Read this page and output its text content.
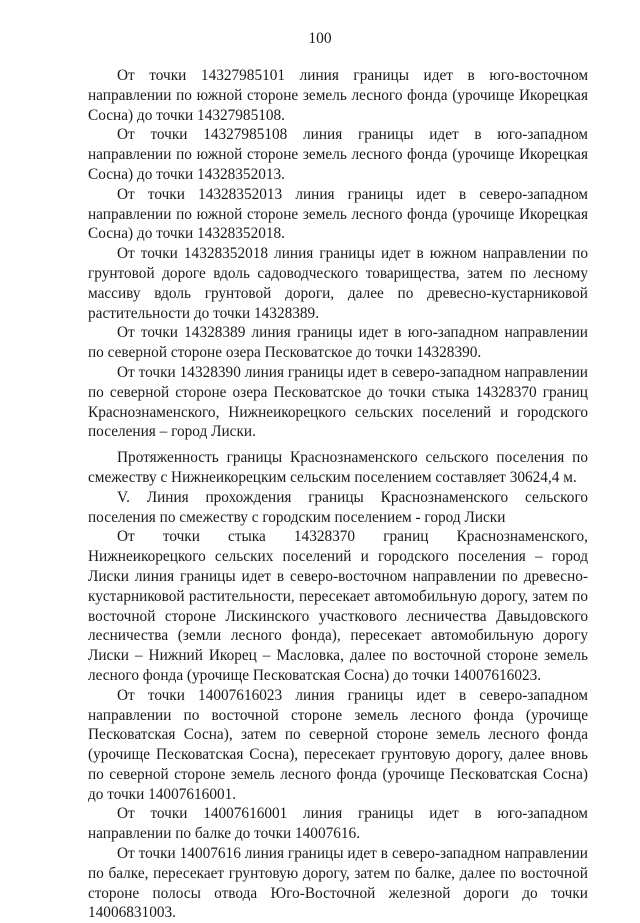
100

От точки 14327985101 линия границы идет в юго-восточном направлении по южной стороне земель лесного фонда (урочище Икорецкая Сосна) до точки 14327985108.

От точки 14327985108 линия границы идет в юго-западном направлении по южной стороне земель лесного фонда (урочище Икорецкая Сосна) до точки 14328352013.

От точки 14328352013 линия границы идет в северо-западном направлении по южной стороне земель лесного фонда (урочище Икорецкая Сосна) до точки 14328352018.

От точки 14328352018 линия границы идет в южном направлении по грунтовой дороге вдоль садоводческого товарищества, затем по лесному массиву вдоль грунтовой дороги, далее по древесно-кустарниковой растительности до точки 14328389.

От точки 14328389 линия границы идет в юго-западном направлении по северной стороне озера Песковатское до точки 14328390.

От точки 14328390 линия границы идет в северо-западном направлении по северной стороне озера Песковатское до точки стыка 14328370 границ Краснознаменского, Нижнеикорецкого сельских поселений и городского поселения – город Лиски.

Протяженность границы Краснознаменского сельского поселения по смежеству с Нижнеикорецким сельским поселением составляет 30624,4 м.

V. Линия прохождения границы Краснознаменского сельского поселения по смежеству с городским поселением - город Лиски

От точки стыка 14328370 границ Краснознаменского, Нижнеикорецкого сельских поселений и городского поселения – город Лиски линия границы идет в северо-восточном направлении по древесно-кустарниковой растительности, пересекает автомобильную дорогу, затем по восточной стороне Лискинского участкового лесничества Давыдовского лесничества (земли лесного фонда), пересекает автомобильную дорогу Лиски – Нижний Икорец – Масловка, далее по восточной стороне земель лесного фонда (урочище Песковатская Сосна) до точки 14007616023.

От точки 14007616023 линия границы идет в северо-западном направлении по восточной стороне земель лесного фонда (урочище Песковатская Сосна), затем по северной стороне земель лесного фонда (урочище Песковатская Сосна), пересекает грунтовую дорогу, далее вновь по северной стороне земель лесного фонда (урочище Песковатская Сосна) до точки 14007616001.

От точки 14007616001 линия границы идет в юго-западном направлении по балке до точки 14007616.

От точки 14007616 линия границы идет в северо-западном направлении по балке, пересекает грунтовую дорогу, затем по балке, далее по восточной стороне полосы отвода Юго-Восточной железной дороги до точки 14006831003.
